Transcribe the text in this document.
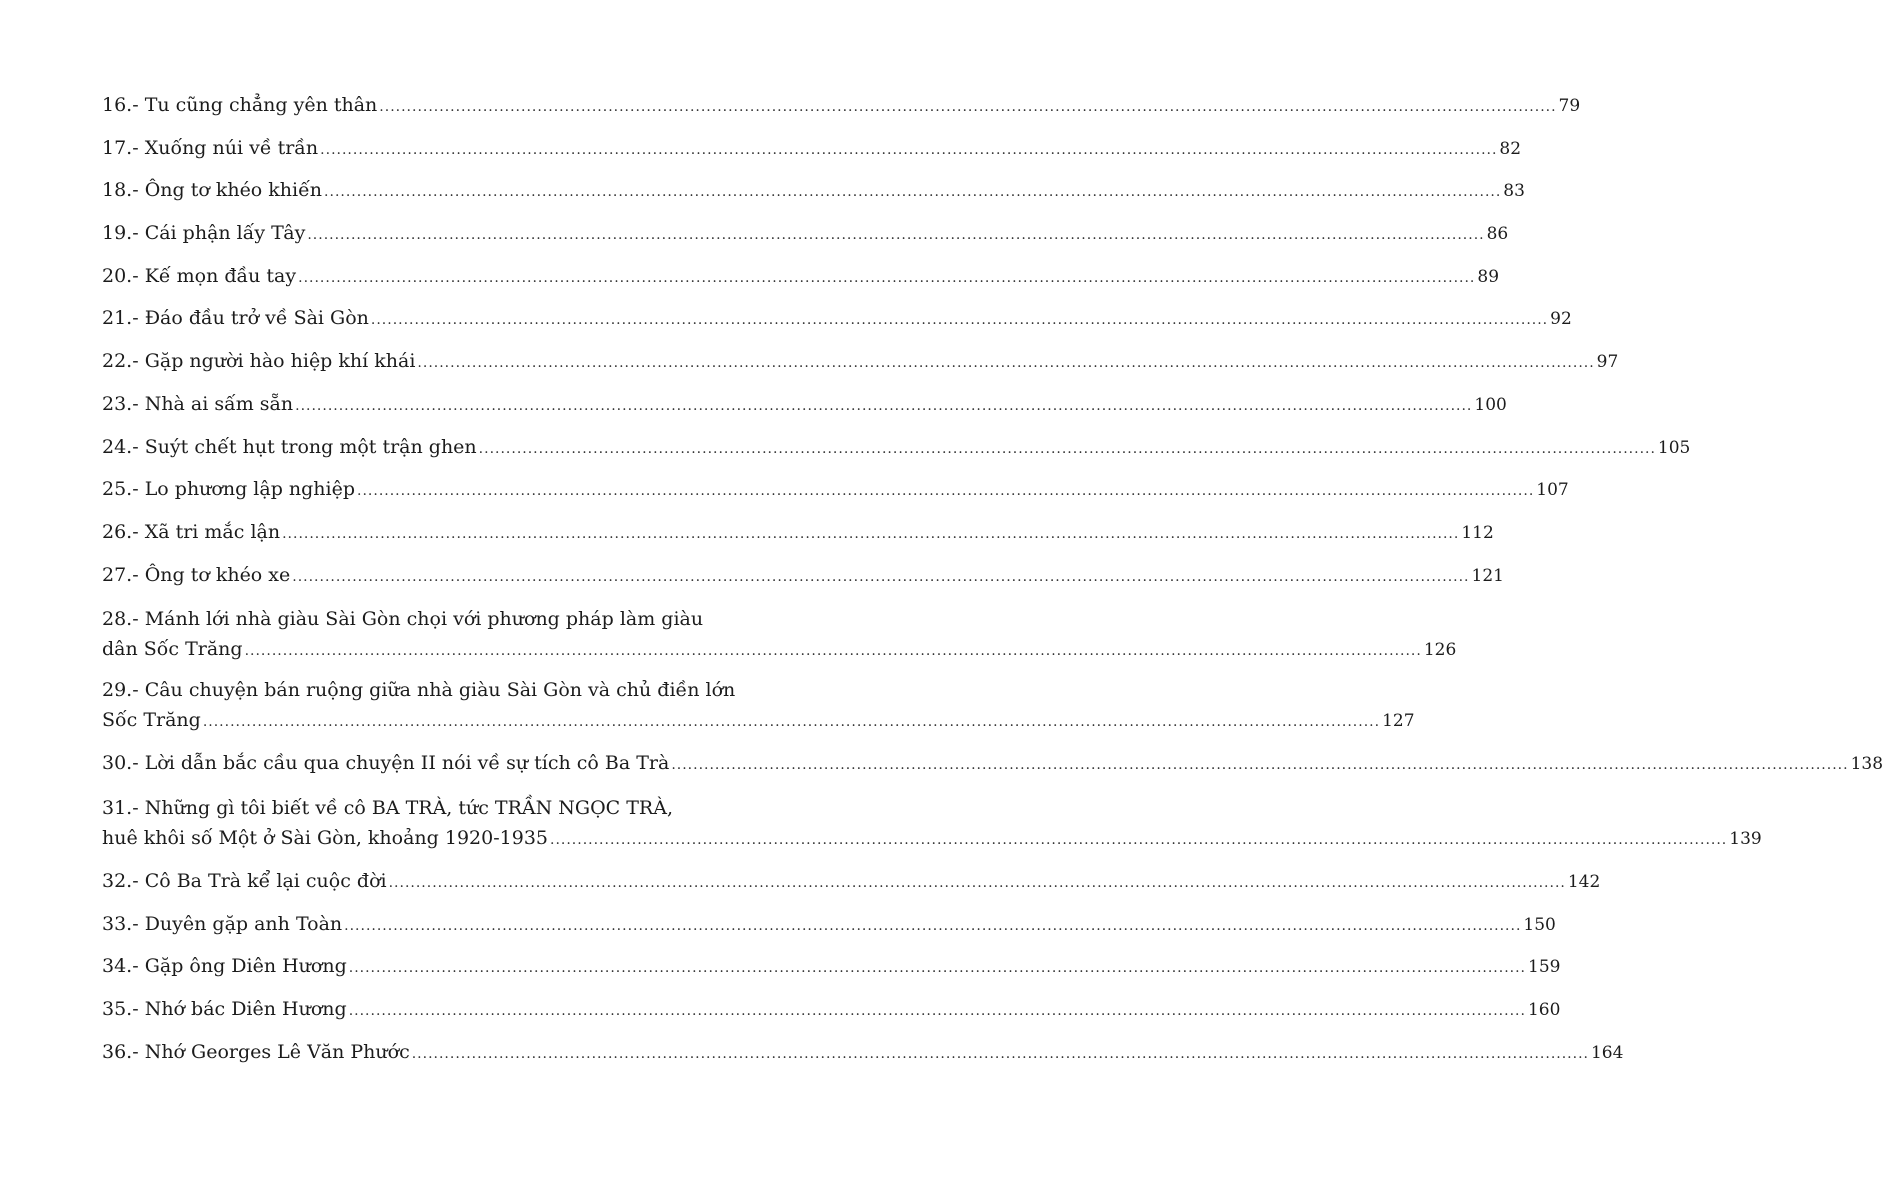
16.- Tu cũng chẳng yên thân .....	79
17.- Xuống núi về trần .....	82
18.- Ông tơ khéo khiến .....	83
19.- Cái phận lấy Tây .....	86
20.- Kế mọn đầu tay .....	89
21.- Đáo đầu trở về Sài Gòn .....	92
22.- Gặp người hào hiệp khí khái .....	97
23.- Nhà ai sấm sẵn .....	100
24.- Suýt chết hụt trong một trận ghen .....	105
25.- Lo phương lập nghiệp .....	107
26.- Xã tri mắc lận .....	112
27.- Ông tơ khéo xe .....	121
28.- Mánh lới nhà giàu Sài Gòn chọi với phương pháp làm giàu
dân Sốc Trăng .....	126
29.- Câu chuyện bán ruộng giữa nhà giàu Sài Gòn và chủ điền lớn
Sốc Trăng .....	127
30.- Lời dẫn bắc cầu qua chuyện II nói về sự tích cô Ba Trà .....	138
31.- Những gì tôi biết về cô BA TRÀ, tức TRẦN NGỌC TRÀ,
huê khôi số Một ở Sài Gòn, khoảng 1920-1935 .....	139
32.- Cô Ba Trà kể lại cuộc đời .....	142
33.- Duyên gặp anh Toàn .....	150
34.- Gặp ông Diên Hương .....	159
35.- Nhớ bác Diên Hương .....	160
36.- Nhớ Georges Lê Văn Phước .....	164
